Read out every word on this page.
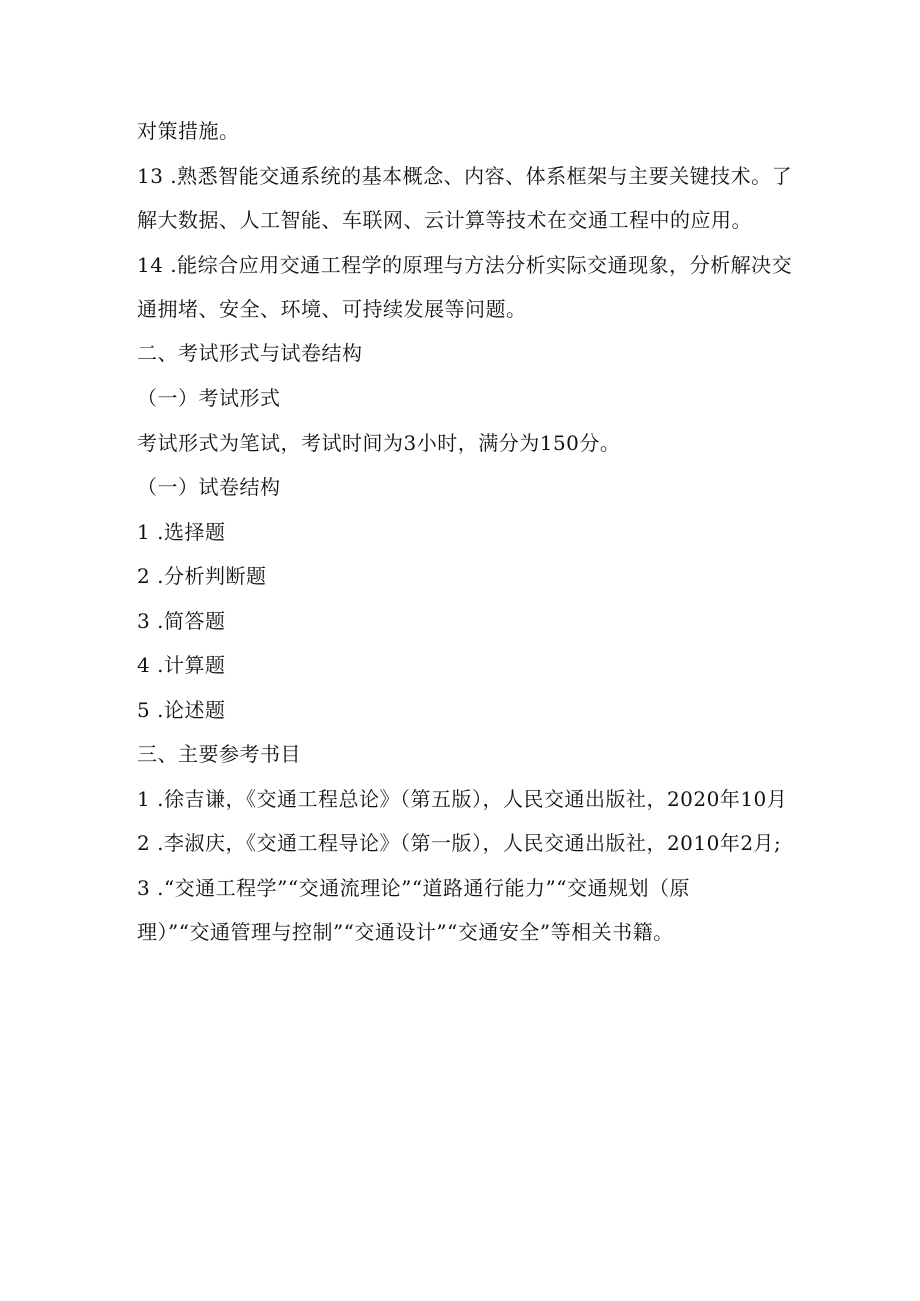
对策措施。
13 .熟悉智能交通系统的基本概念、内容、体系框架与主要关键技术。了
解大数据、人工智能、车联网、云计算等技术在交通工程中的应用。
14 .能综合应用交通工程学的原理与方法分析实际交通现象，分析解决交
通拥堵、安全、环境、可持续发展等问题。
二、考试形式与试卷结构
（一）考试形式
考试形式为笔试，考试时间为3小时，满分为150分。
（一）试卷结构
1 .选择题
2 .分析判断题
3 .简答题
4 .计算题
5 .论述题
三、主要参考书目
1 .徐吉谦，《交通工程总论》（第五版），人民交通出版社，2020年10月
2 .李淑庆，《交通工程导论》（第一版），人民交通出版社，2010年2月;
3 .“交通工程学”“交通流理论”“道路通行能力”“交通规划（原
理）”“交通管理与控制”“交通设计”“交通安全”等相关书籍。
